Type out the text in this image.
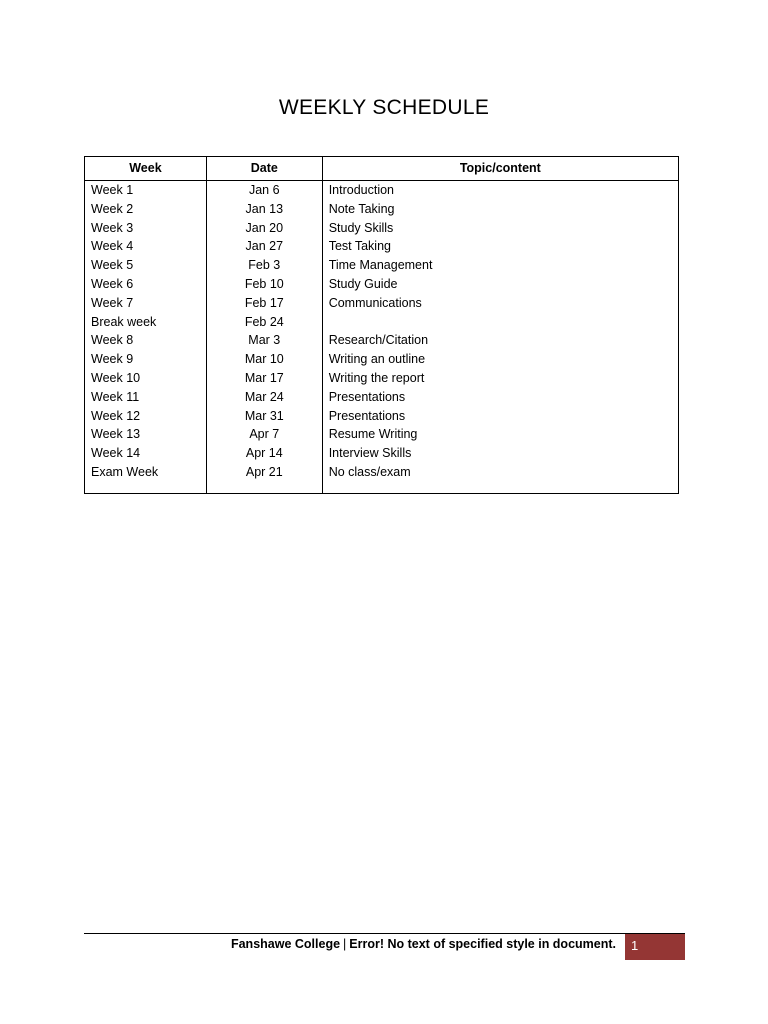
WEEKLY SCHEDULE
Week	Date	Topic/content
Week 1	Jan 6	Introduction
Week 2	Jan 13	Note Taking
Week 3	Jan 20	Study Skills
Week 4	Jan 27	Test Taking
Week 5	Feb 3	Time Management
Week 6	Feb 10	Study Guide
Week 7	Feb 17	Communications
Break week	Feb 24	
Week 8	Mar 3	Research/Citation
Week 9	Mar 10	Writing an outline
Week 10	Mar 17	Writing the report
Week 11	Mar 24	Presentations
Week 12	Mar 31	Presentations
Week 13	Apr 7	Resume Writing
Week 14	Apr 14	Interview Skills
Exam Week	Apr 21	No class/exam
Fanshawe College | Error! No text of specified style in document.	1
